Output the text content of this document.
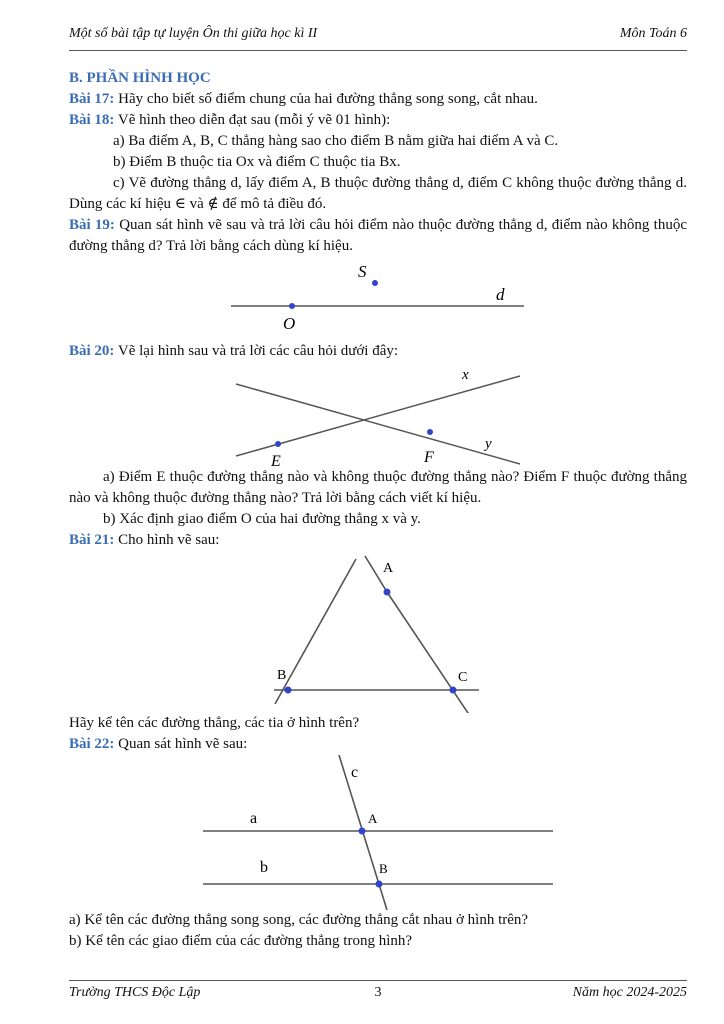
Một số bài tập tự luyện Ôn thi giữa học kì II	Môn Toán 6

B. PHẦN HÌNH HỌC

Bài 17: Hãy cho biết số điểm chung của hai đường thẳng song song, cắt nhau.

Bài 18: Vẽ hình theo diễn đạt sau (mỗi ý vẽ 01 hình):

a) Ba điểm A, B, C thẳng hàng sao cho điểm B nằm giữa hai điểm A và C.

b) Điểm B thuộc tia Ox và điểm C thuộc tia Bx.

c) Vẽ đường thẳng d, lấy điểm A, B thuộc đường thẳng d, điểm C không thuộc đường thẳng d. Dùng các kí hiệu ∈ và ∉ để mô tả điều đó.

Bài 19: Quan sát hình vẽ sau và trả lời câu hỏi điểm nào thuộc đường thẳng d, điểm nào không thuộc đường thẳng d? Trả lời bằng cách dùng kí hiệu.

S
d
O

Bài 20: Vẽ lại hình sau và trả lời các câu hỏi dưới đây:

x
y
E	F

a) Điểm E thuộc đường thẳng nào và không thuộc đường thẳng nào? Điểm F thuộc đường thẳng nào và không thuộc đường thẳng nào? Trả lời bằng cách viết kí hiệu.

b) Xác định giao điểm O của hai đường thẳng x và y.

Bài 21: Cho hình vẽ sau:

A
B	C

Hãy kể tên các đường thẳng, các tia ở hình trên?

Bài 22: Quan sát hình vẽ sau:

c
a
b
A
B

a) Kể tên các đường thẳng song song, các đường thẳng cắt nhau ở hình trên?

b) Kể tên các giao điểm của các đường thẳng trong hình?

Trường THCS Độc Lập	3	Năm học 2024-2025
